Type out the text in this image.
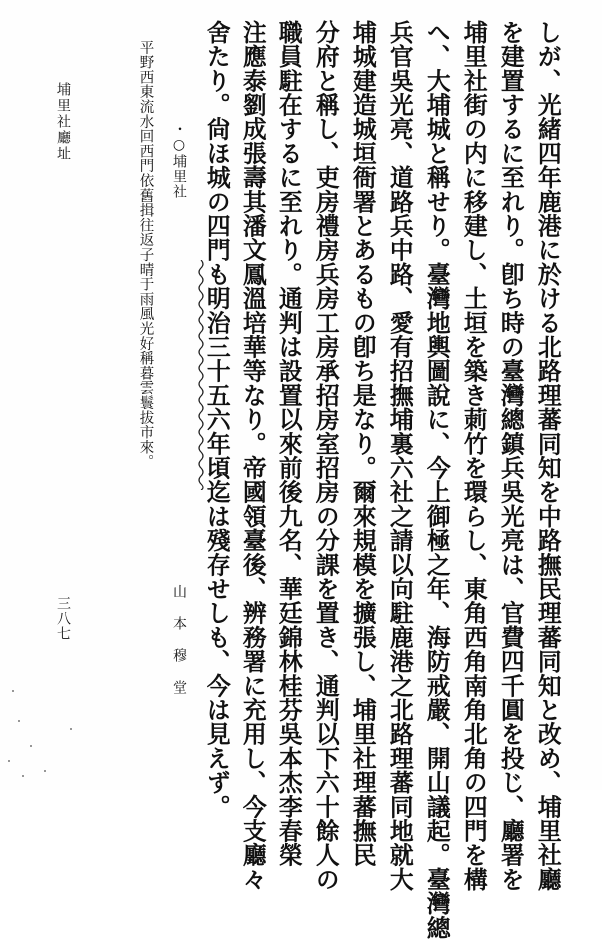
しが、光緒四年鹿港に於ける北路理蕃同知を中路撫民理蕃同知と改め、埔里社廳
を建置するに至れり。卽ち時の臺灣總鎮兵吳光亮は、官費四千圓を投じ、廳署を
埔里社街の内に移建し、土垣を築き莿竹を環らし、東角西角南角北角の四門を構
へ、大埔城と稱せり。臺灣地輿圖說に、今上御極之年、海防戒嚴、開山議起。臺灣總
兵官吳光亮、道路兵中路、愛有招撫埔裏六社之請以向駐鹿港之北路理蕃同地就大
埔城建造城垣衙署とあるもの卽ち是なり。爾來規模を擴張し、埔里社理蕃撫民
分府と稱し、吏房禮房兵房工房承招房室招房の分課を置き、通判以下六十餘人の
職員駐在するに至れり。通判は設置以來前後九名、華廷錦林桂芬吳本杰李春榮
注應泰劉成張壽其潘文鳳溫培華等なり。帝國領臺後、辨務署に充用し、今支廳々
舍たり。尙ほ城の四門も明治三十五六年頃迄は殘存せしも、今は見えず。
山本穆堂
・○埔里社
平野西東流水回西門依舊揖往返子晴于雨風光好稱暮雲鬟拔市來。
埔里社廳址
三八七
